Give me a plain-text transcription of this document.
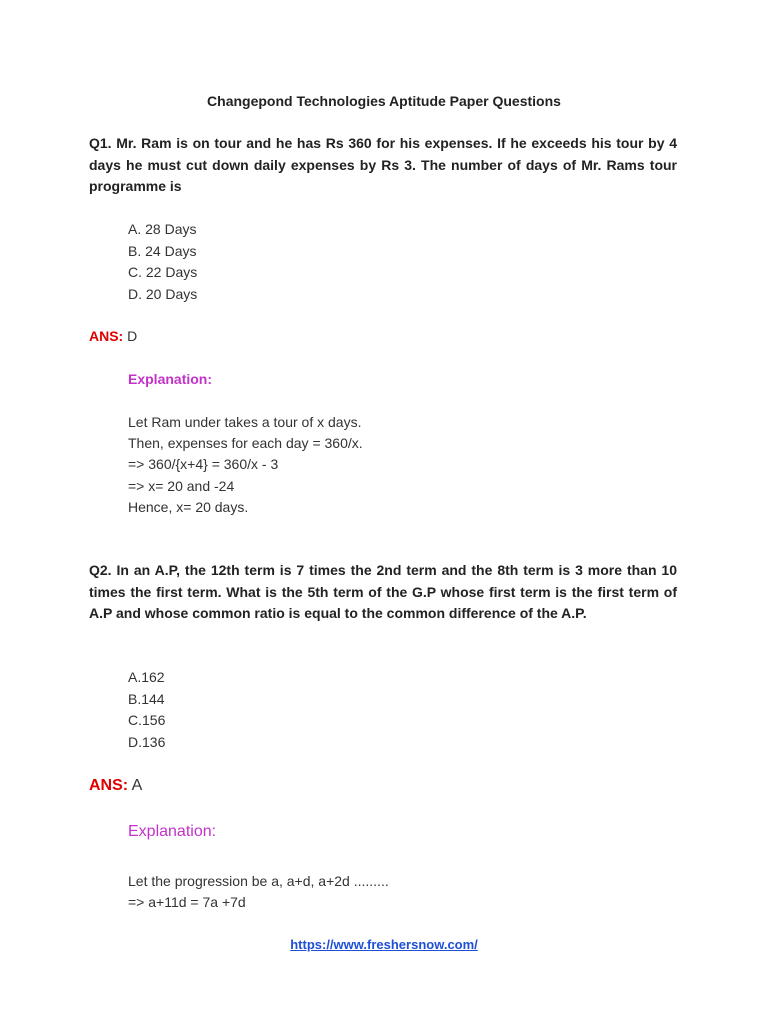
Changepond Technologies Aptitude Paper Questions
Q1. Mr. Ram is on tour and he has Rs 360 for his expenses. If he exceeds his tour by 4 days he must cut down daily expenses by Rs 3. The number of days of Mr. Rams tour programme is
A. 28 Days
B. 24 Days
C. 22 Days
D. 20 Days
ANS: D
Explanation:
Let Ram under takes a tour of x days.
Then, expenses for each day = 360/x.
=> 360/{x+4} = 360/x - 3
=> x= 20 and -24
Hence, x= 20 days.
Q2. In an A.P, the 12th term is 7 times the 2nd term and the 8th term is 3 more than 10 times the first term. What is the 5th term of the G.P whose first term is the first term of A.P and whose common ratio is equal to the common difference of the A.P.
A.162
B.144
C.156
D.136
ANS: A
Explanation:
Let the progression be a, a+d, a+2d .........
=> a+11d = 7a +7d
https://www.freshersnow.com/
